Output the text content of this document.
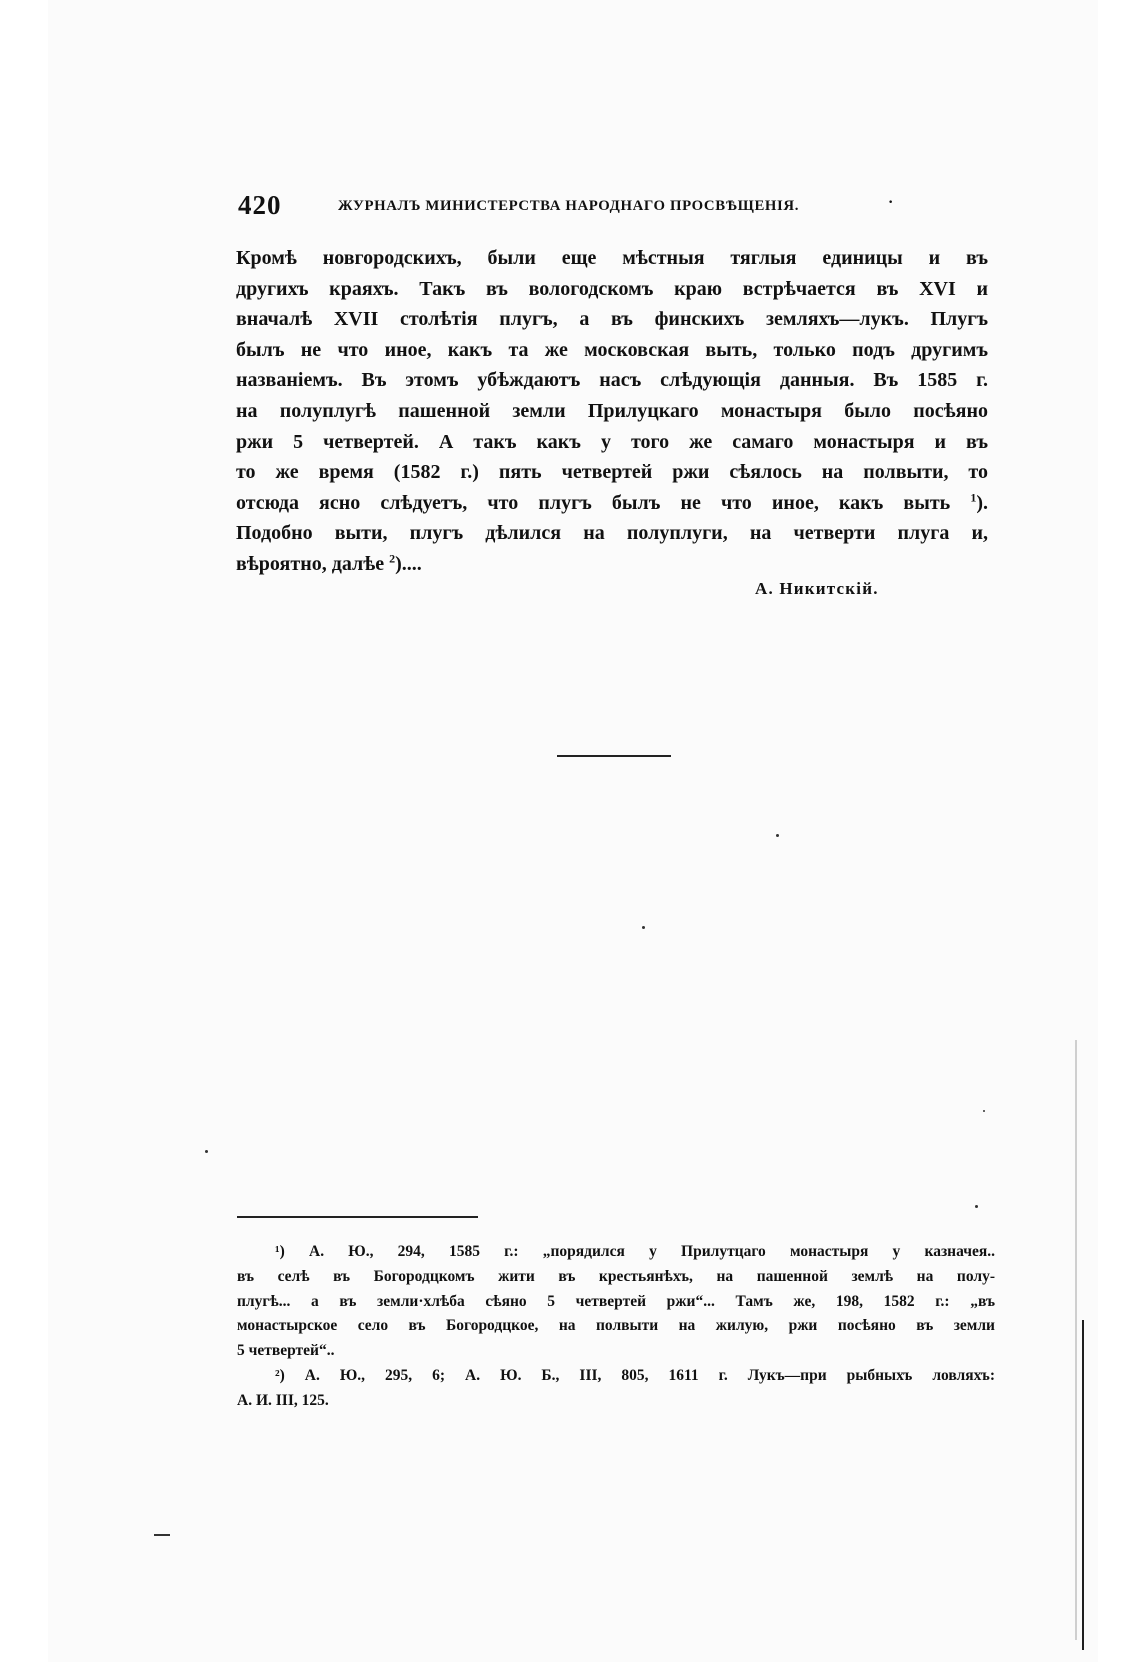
420	ЖУРНАЛЪ МИНИСТЕРСТВА НАРОДНАГО ПРОСВѢЩЕНІЯ.	·
Кромѣ новгородскихъ, были еще мѣстныя тяглыя единицы и въ
другихъ краяхъ. Такъ въ вологодскомъ краю встрѣчается въ XVI и
вначалѣ XVII столѣтія плугъ, а въ финскихъ земляхъ—лукъ. Плугъ
былъ не что иное, какъ та же московская выть, только подъ другимъ
названіемъ. Въ этомъ убѣждаютъ насъ слѣдующія данныя. Въ 1585 г.
на полуплугѣ пашенной земли Прилуцкаго монастыря было посѣяно
ржи 5 четвертей. А такъ какъ у того же самаго монастыря и въ
то же время (1582 г.) пять четвертей ржи сѣялось на полвыти, то
отсюда ясно слѣдуетъ, что плугъ былъ не что иное, какъ выть $^1$).
Подобно выти, плугъ дѣлился на полуплуги, на четверти плуга и,
вѣроятно, далѣе $^2$)....
А. Никитскій.
¹) А. Ю., 294, 1585 г.: „порядился у Прилутцаго монастыря у казначея..
въ селѣ въ Богородцкомъ жити въ крестьянѣхъ, на пашенной землѣ на полу-
плугѣ... а въ земли·хлѣба сѣяно 5 четвертей ржи“... Тамъ же, 198, 1582 г.: „въ
монастырское село въ Богородцкое, на полвыти на жилую, ржи посѣяно въ земли
5 четвертей“..
²) А. Ю., 295, 6; А. Ю. Б., III, 805, 1611 г. Лукъ—при рыбныхъ ловляхъ:
А. И. III, 125.
